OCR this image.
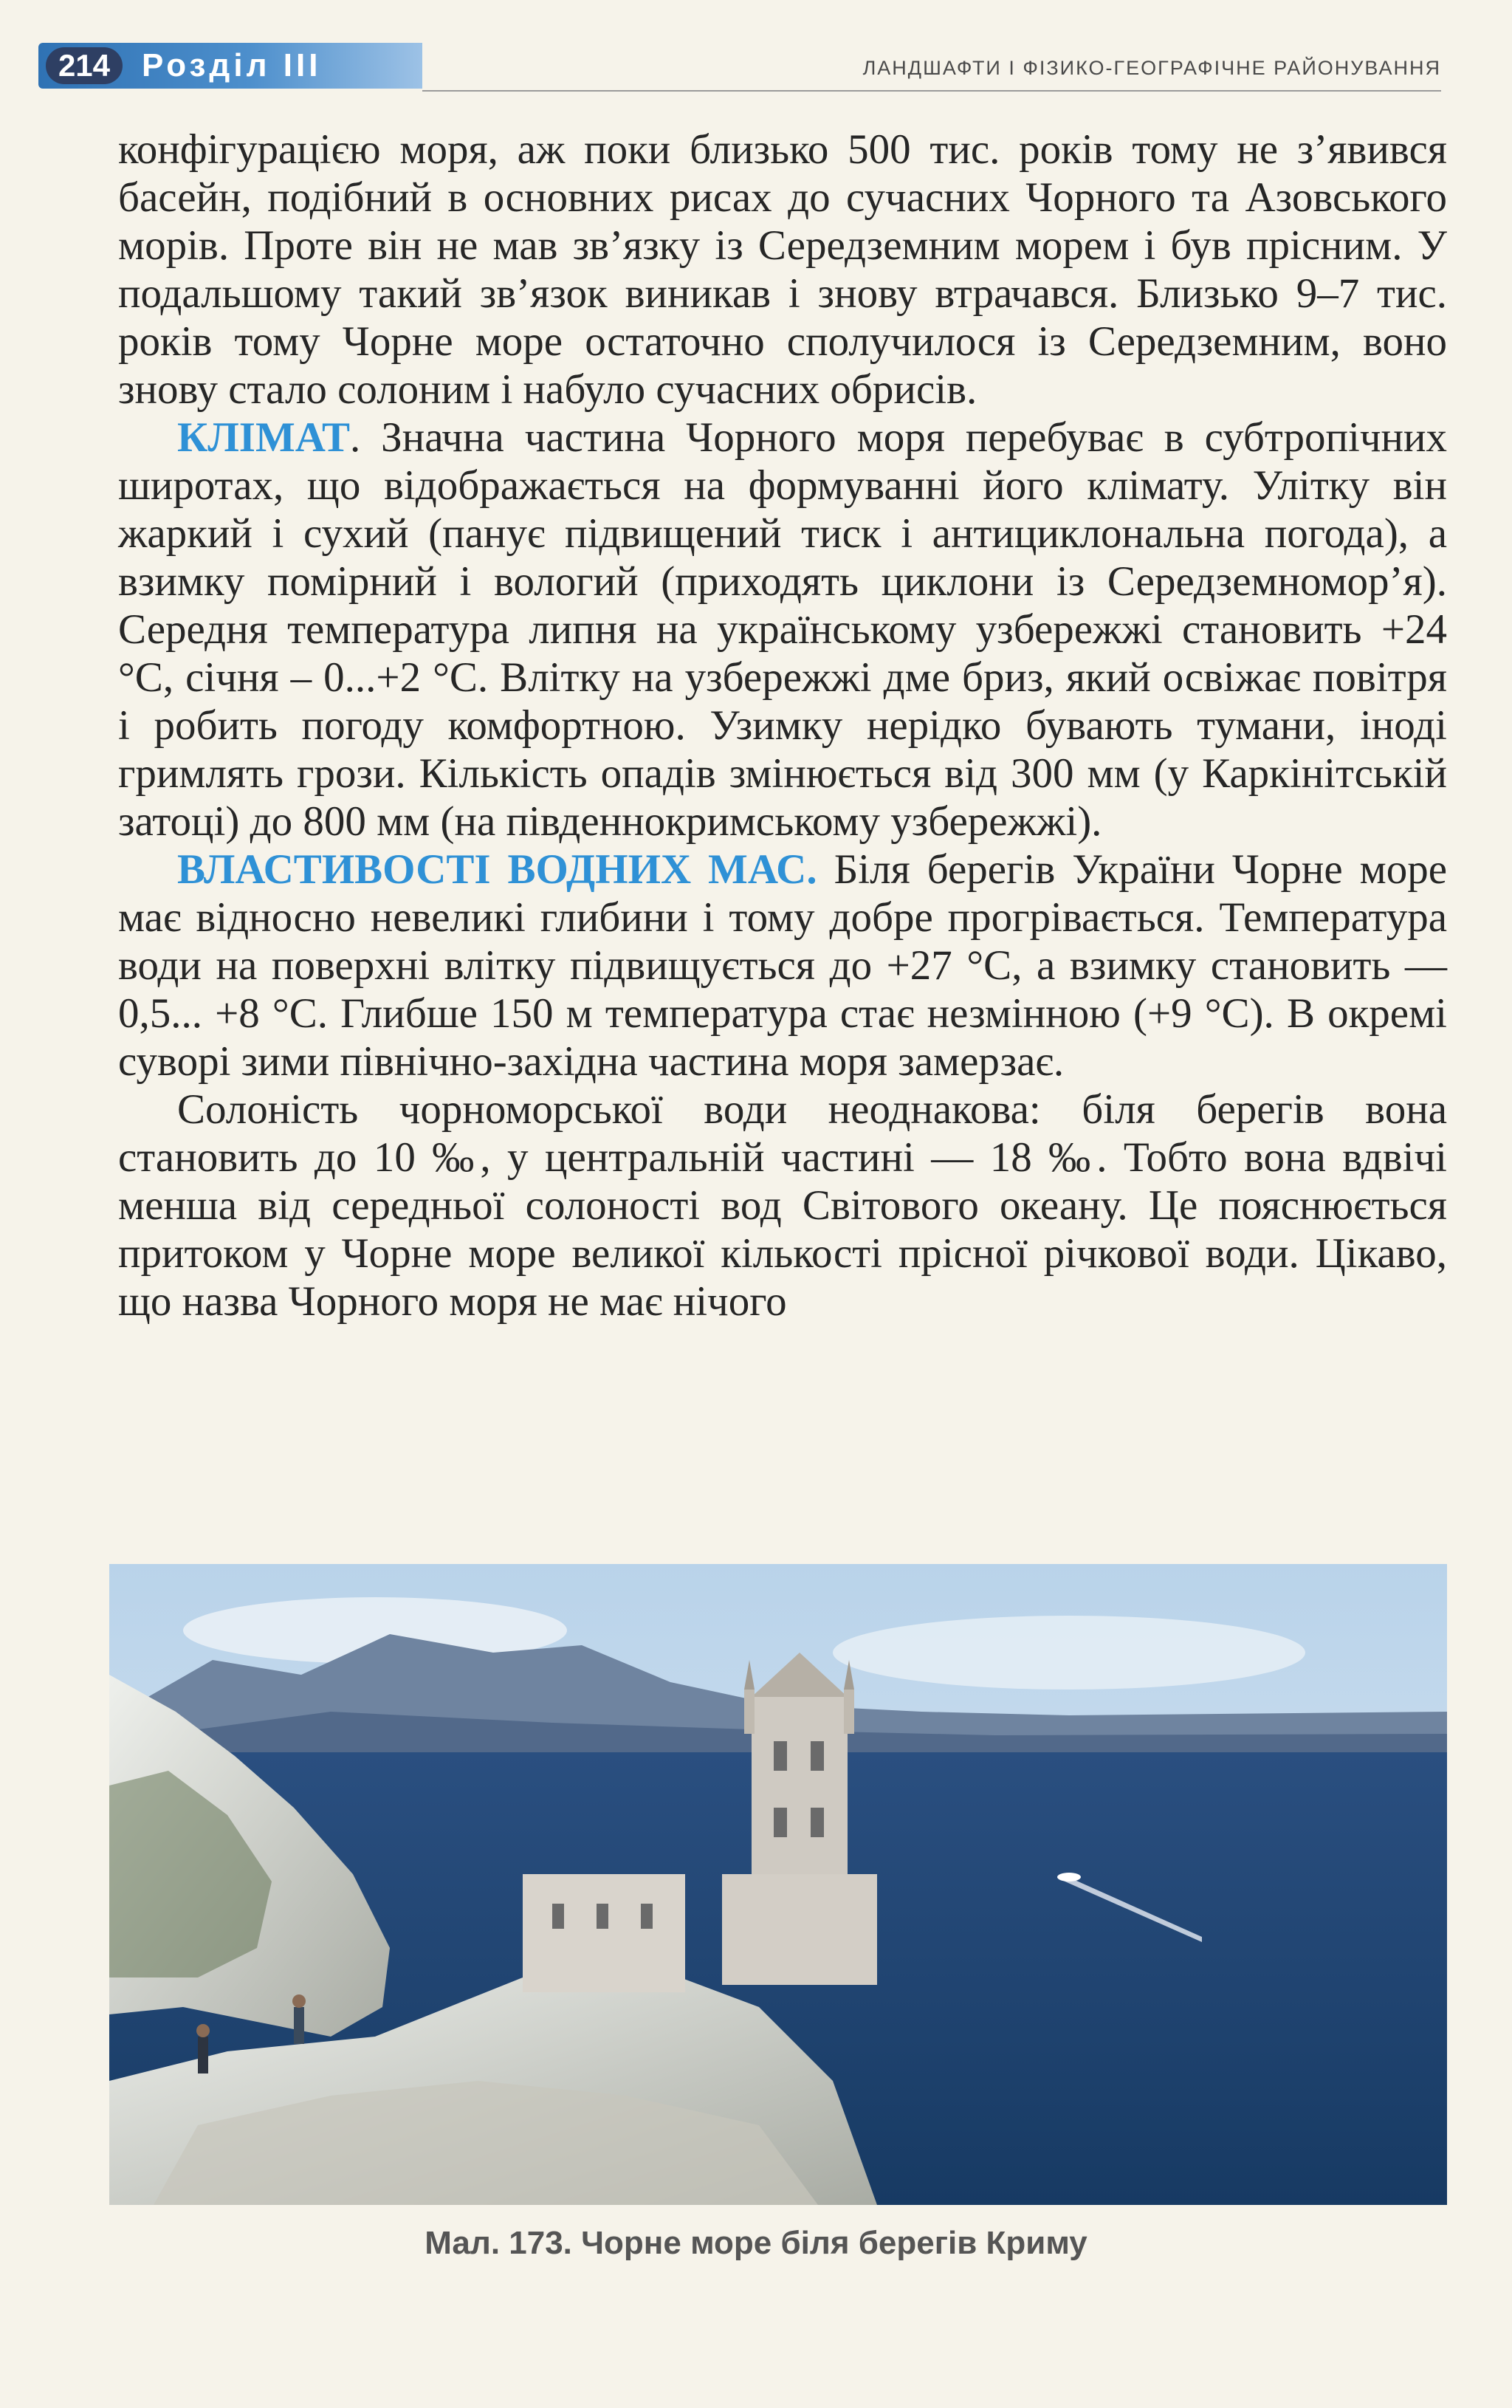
214 Розділ III	ЛАНДШАФТИ І ФІЗИКО-ГЕОГРАФІЧНЕ РАЙОНУВАННЯ

конфігурацією моря, аж поки близько 500 тис. років тому не з’явився басейн, подібний в основних рисах до сучасних Чорного та Азовського морів. Проте він не мав зв’язку із Середземним морем і був прісним. У подальшому такий зв’язок виникав і знову втрачався. Близько 9–7 тис. років тому Чорне море остаточно сполучилося із Середземним, воно знову стало солоним і набуло сучасних обрисів.

КЛІМАТ. Значна частина Чорного моря перебуває в субтропічних широтах, що відображається на формуванні його клімату. Улітку він жаркий і сухий (панує підвищений тиск і антициклональна погода), а взимку помірний і вологий (приходять циклони із Середземномор’я). Середня температура липня на українському узбережжі становить +24 °С, січня – 0...+2 °С. Влітку на узбережжі дме бриз, який освіжає повітря і робить погоду комфортною. Узимку нерідко бувають тумани, іноді гримлять грози. Кількість опадів змінюється від 300 мм (у Каркінітській затоці) до 800 мм (на південнокримському узбережжі).

ВЛАСТИВОСТІ ВОДНИХ МАС. Біля берегів України Чорне море має відносно невеликі глибини і тому добре прогрівається. Температура води на поверхні влітку підвищується до +27 °С, а взимку становить —0,5... +8 °С. Глибше 150 м температура стає незмінною (+9 °С). В окремі суворі зими північно-західна частина моря замерзає.

Солоність чорноморської води неоднакова: біля берегів вона становить до 10 ‰, у центральній частині — 18 ‰. Тобто вона вдвічі менша від середньої солоності вод Світового океану. Це пояснюється притоком у Чорне море великої кількості прісної річкової води. Цікаво, що назва Чорного моря не має нічого

Мал. 173. Чорне море біля берегів Криму
